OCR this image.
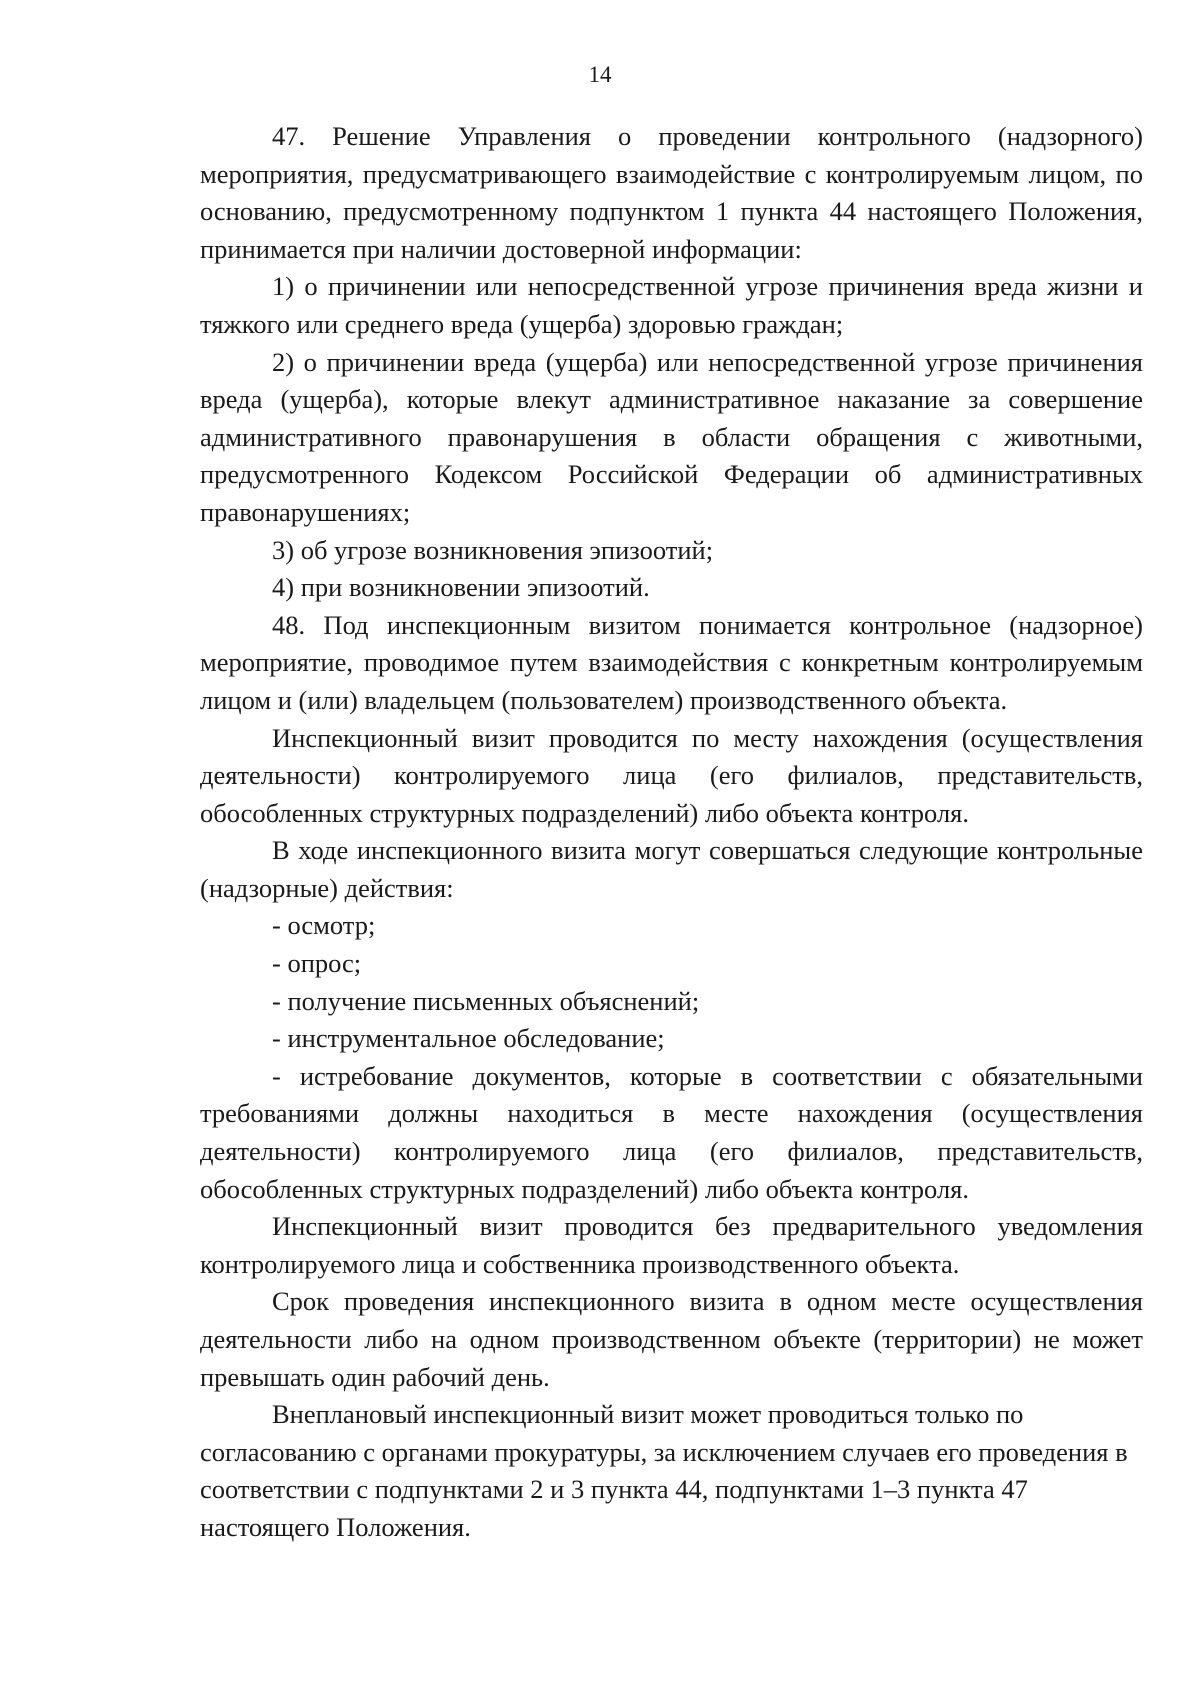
14

47. Решение Управления о проведении контрольного (надзорного) мероприятия, предусматривающего взаимодействие с контролируемым лицом, по основанию, предусмотренному подпунктом 1 пункта 44 настоящего Положения, принимается при наличии достоверной информации:

1) о причинении или непосредственной угрозе причинения вреда жизни и тяжкого или среднего вреда (ущерба) здоровью граждан;

2) о причинении вреда (ущерба) или непосредственной угрозе причинения вреда (ущерба), которые влекут административное наказание за совершение административного правонарушения в области обращения с животными, предусмотренного Кодексом Российской Федерации об административных правонарушениях;

3) об угрозе возникновения эпизоотий;

4) при возникновении эпизоотий.

48. Под инспекционным визитом понимается контрольное (надзорное) мероприятие, проводимое путем взаимодействия с конкретным контролируемым лицом и (или) владельцем (пользователем) производственного объекта.

Инспекционный визит проводится по месту нахождения (осуществления деятельности) контролируемого лица (его филиалов, представительств, обособленных структурных подразделений) либо объекта контроля.

В ходе инспекционного визита могут совершаться следующие контрольные (надзорные) действия:

- осмотр;

- опрос;

- получение письменных объяснений;

- инструментальное обследование;

- истребование документов, которые в соответствии с обязательными требованиями должны находиться в месте нахождения (осуществления деятельности) контролируемого лица (его филиалов, представительств, обособленных структурных подразделений) либо объекта контроля.

Инспекционный визит проводится без предварительного уведомления контролируемого лица и собственника производственного объекта.

Срок проведения инспекционного визита в одном месте осуществления деятельности либо на одном производственном объекте (территории) не может превышать один рабочий день.

Внеплановый инспекционный визит может проводиться только по согласованию с органами прокуратуры, за исключением случаев его проведения в соответствии с подпунктами 2 и 3 пункта 44, подпунктами 1–3 пункта 47 настоящего Положения.
